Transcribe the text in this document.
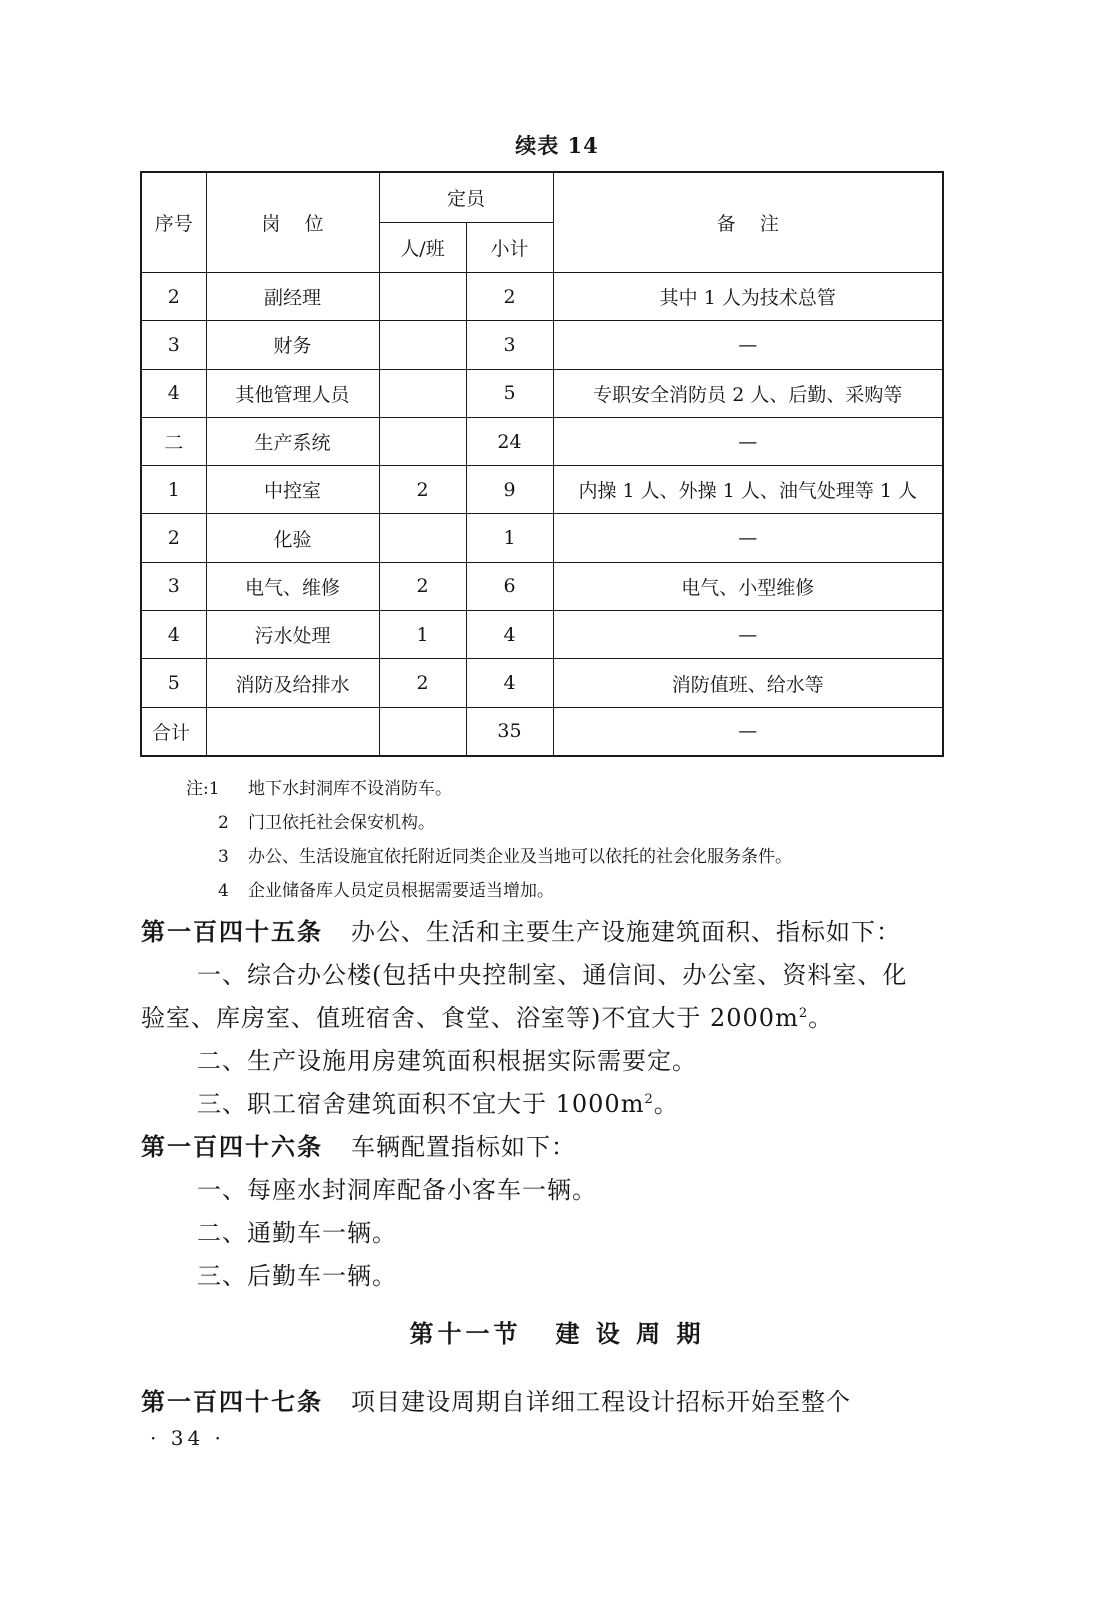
续表 14
序号	岗    位	定员		备    注
		人/班	小计	
2	副经理		2	其中 1 人为技术总管
3	财务		3	—
4	其他管理人员		5	专职安全消防员 2 人、后勤、采购等
二	生产系统		24	—
1	中控室	2	9	内操 1 人、外操 1 人、油气处理等 1 人
2	化验		1	—
3	电气、维修	2	6	电气、小型维修
4	污水处理	1	4	—
5	消防及给排水	2	4	消防值班、给水等
合计			35	—
注:1 地下水封洞库不设消防车。
2 门卫依托社会保安机构。
3 办公、生活设施宜依托附近同类企业及当地可以依托的社会化服务条件。
4 企业储备库人员定员根据需要适当增加。
第一百四十五条 办公、生活和主要生产设施建筑面积、指标如下：
一、综合办公楼(包括中央控制室、通信间、办公室、资料室、化
验室、库房室、值班宿舍、食堂、浴室等)不宜大于 $2000m^2$。
二、生产设施用房建筑面积根据实际需要定。
三、职工宿舍建筑面积不宜大于 $1000m^2$。
第一百四十六条 车辆配置指标如下：
一、每座水封洞库配备小客车一辆。
二、通勤车一辆。
三、后勤车一辆。
第十一节 建 设 周 期
第一百四十七条 项目建设周期自详细工程设计招标开始至整个
· 34 ·
